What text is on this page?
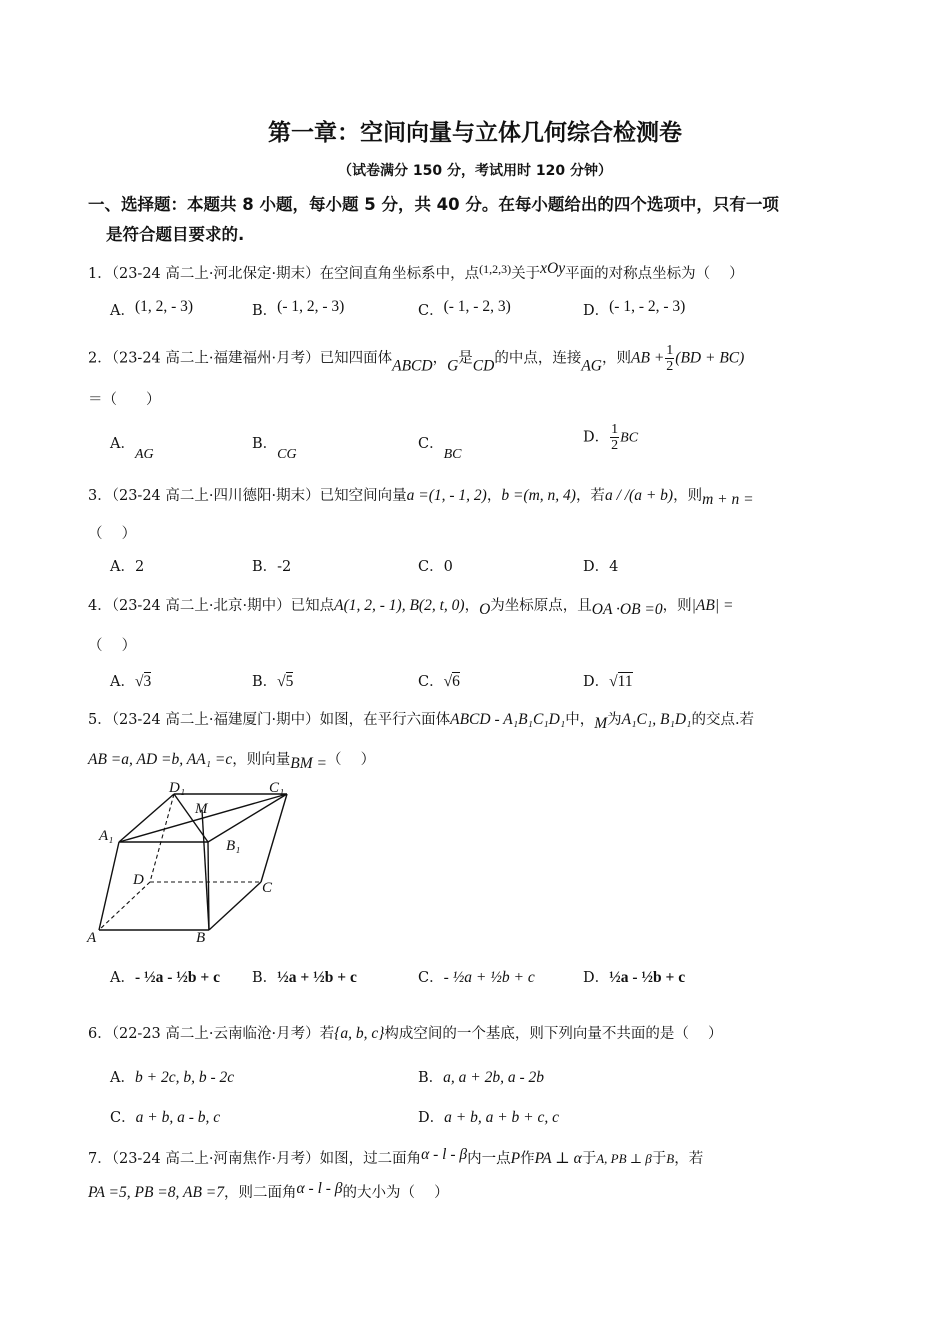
第一章：空间向量与立体几何综合检测卷
（试卷满分 150 分，考试用时 120 分钟）
一、选择题：本题共 8 小题，每小题 5 分，共 40 分。在每小题给出的四个选项中，只有一项
是符合题目要求的.
1．（23-24 高二上·河北保定·期末）在空间直角坐标系中，点$^{(1,2,3)}$关于xOy平面的对称点坐标为（　 ）
A．(1, 2, - 3)	B．(- 1, 2, - 3)	C．(- 1, - 2, 3)	D．(- 1, - 2, - 3)
2．（23-24 高二上·福建福州·月考）已知四面体ABCD，G是CD的中点，连接AG，则AB + $\frac{1}{2} (BD + BC)$
＝（　　）
A．AG
B．CG
C．BC
D． $\frac{1}{2}$ BC
3．（23-24 高二上·四川德阳·期末）已知空间向量a =(1, - 1, 2)，b =(m, n, 4)，若a / /(a + b)，则m + n =
（　 ）
A．2	B．-2	C．0	D．4
4．（23-24 高二上·北京·期中）已知点A(1, 2, - 1), B(2, t, 0)，O为坐标原点，且OA ·OB =0，则|AB| =
（　 ）
A．√3	B．√5	C．√6	D．√11
5．（23-24 高二上·福建厦门·期中）如图，在平行六面体ABCD - A₁B₁C₁D₁中，M为A₁C₁, B₁D₁的交点.若
AB =a, AD =b, AA₁ =c，则向量BM =（　 ）
D₁	C₁
M
A₁
B₁
D	C
A	B
A．- ½a - ½b + c B．½a + ½b + c	C．- ½a + ½b + c	D．½a - ½b + c
6．（22-23 高二上·云南临沧·月考）若{a, b, c}构成空间的一个基底，则下列向量不共面的是（　 ）
A．b + 2c, b, b - 2c	B．a, a + 2b, a - 2b
C．a + b, a - b, c	D．a + b, a + b + c, c
7．（23-24 高二上·河南焦作·月考）如图，过二面角α - l - β内一点P作PA ⊥ α于A, PB ⊥ β于B，若
PA =5, PB =8, AB =7，则二面角α - l - β的大小为（　 ）
